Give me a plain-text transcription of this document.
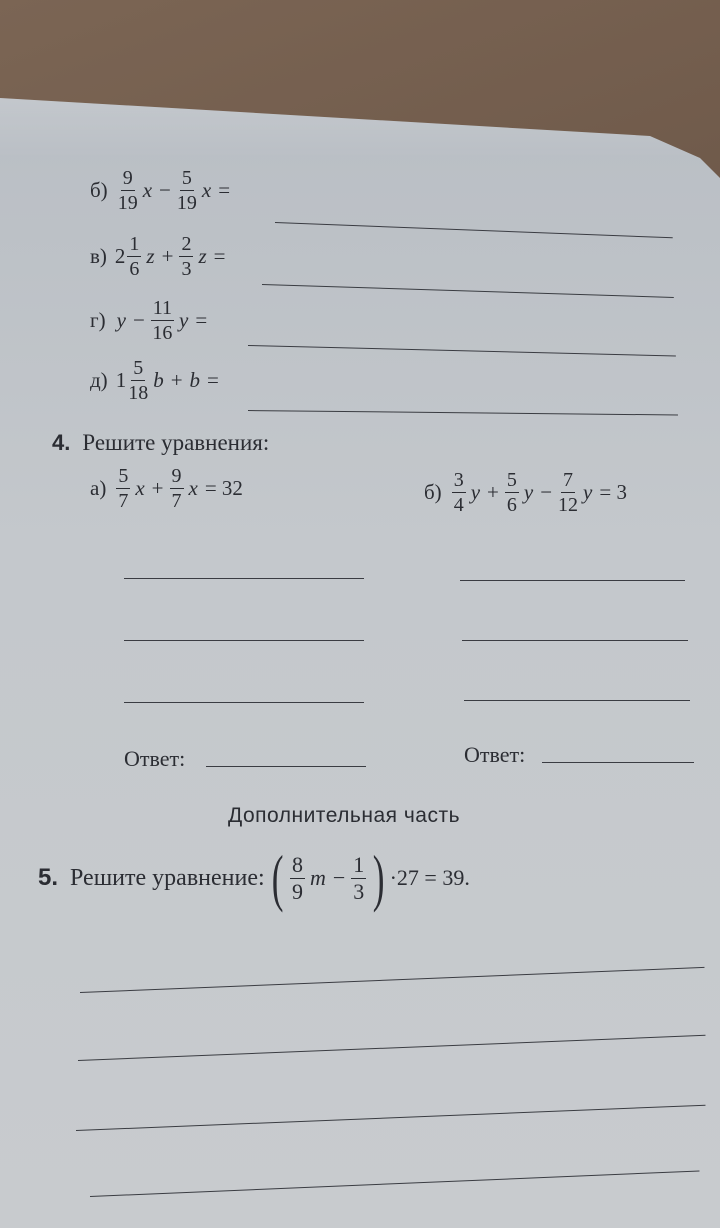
$б) \frac{9}{19}$ $x - \frac{5}{19}$ x =
в) $2 \frac{1}{6}$ $z + \frac{2}{3}$ z =
г) $y - \frac{11}{16}$ y =
д) $1 \frac{5}{18}$ b + b =
4. Решите уравнения:
$а) \frac{5}{7}$ $x + \frac{9}{7}$ x = 32	$б) \frac{3}{4}$ $y + \frac{5}{6}$ $y - \frac{7}{12}$ y = 3
Ответ:	Ответ:
Дополнительная часть
5. Решите уравнение: ( $\frac{8}{9}$ $m - \frac{1}{3}$ ) ·27 = 39.
